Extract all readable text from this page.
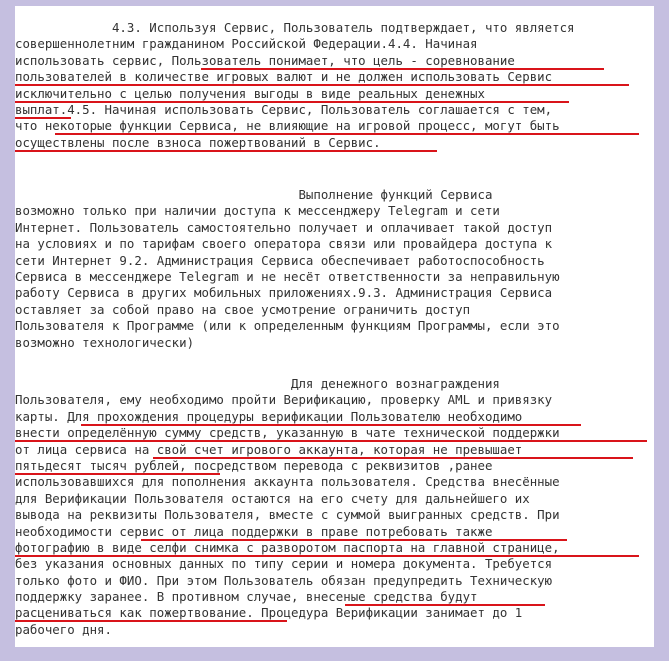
4.3. Используя Сервис, Пользователь подтверждает, что является
совершеннолетним гражданином Российской Федерации.4.4. Начиная
использовать сервис, Пользователь понимает, что цель - соревнование

пользователей в количестве игровых валют и не должен использовать Сервис

исключительно с целью получения выгоды в виде реальных денежных

выплат.4.5. Начиная использовать Сервис, Пользователь соглашается с тем,

что некоторые функции Сервиса, не влияющие на игровой процесс, могут быть

осуществлены после взноса пожертвований в Сервис.

Выполнение функций Сервиса
возможно только при наличии доступа к мессенджеру Telegram и сети
Интернет. Пользователь самостоятельно получает и оплачивает такой доступ
на условиях и по тарифам своего оператора связи или провайдера доступа к
сети Интернет 9.2. Администрация Сервиса обеспечивает работоспособность
Сервиса в мессенджере Telegram и не несёт ответственности за неправильную
работу Сервиса в других мобильных приложениях.9.3. Администрация Сервиса
оставляет за собой право на свое усмотрение ограничить доступ
Пользователя к Программе (или к определенным функциям Программы, если это
возможно технологически)
Для денежного вознаграждения
Пользователя, ему необходимо пройти Верификацию, проверку AML и привязку
карты. Для прохождения процедуры верификации Пользователю необходимо

внести определённую сумму средств, указанную в чате технической поддержки

от лица сервиса на свой счет игрового аккаунта, которая не превышает

пятьдесят тысяч рублей, посредством перевода с реквизитов ,ранее

использовавшихся для пополнения аккаунта пользователя. Средства внесённые
для Верификации Пользователя остаются на его счету для дальнейшего их
вывода на реквизиты Пользователя, вместе с суммой выигранных средств. При
необходимости сервис от лица поддержки в праве потребовать также

фотографию в виде селфи снимка с разворотом паспорта на главной странице,

без указания основных данных по типу серии и номера документа. Требуется
только фото и ФИО. При этом Пользователь обязан предупредить Техническую
поддержку заранее. В противном случае, внесеные средства будут

расцениваться как пожертвование. Процедура Верификации занимает до 1

рабочего дня.
